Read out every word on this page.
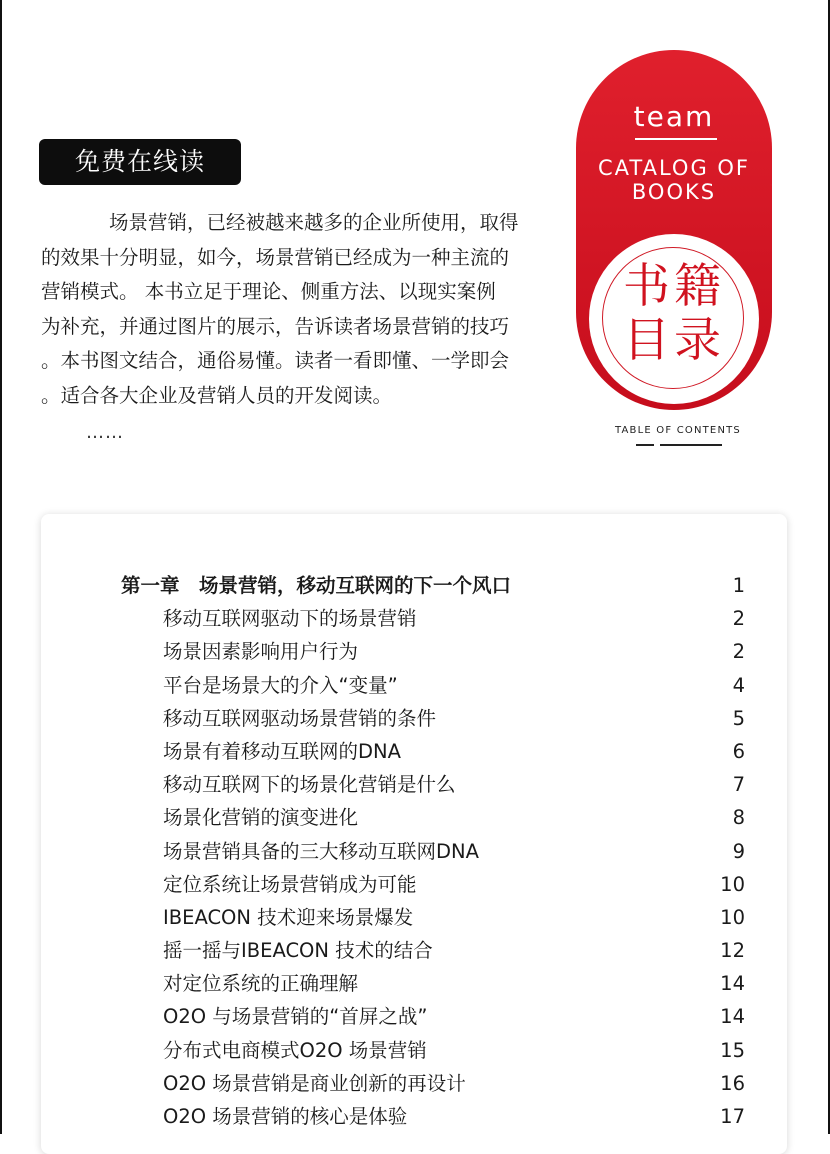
免费在线读

场景营销，已经被越来越多的企业所使用，取得
的效果十分明显，如今，场景营销已经成为一种主流的
营销模式。 本书立足于理论、侧重方法、以现实案例
为补充，并通过图片的展示，告诉读者场景营销的技巧
。本书图文结合，通俗易懂。读者一看即懂、一学即会
。适合各大企业及营销人员的开发阅读。

……
team
CATALOG OF
BOOKS
书籍
目录
TABLE OF CONTENTS
第一章　场景营销，移动互联网的下一个风口	1
移动互联网驱动下的场景营销	2
场景因素影响用户行为	2
平台是场景大的介入“变量”	4
移动互联网驱动场景营销的条件	5
场景有着移动互联网的DNA	6
移动互联网下的场景化营销是什么	7
场景化营销的演变进化	8
场景营销具备的三大移动互联网DNA	9
定位系统让场景营销成为可能	10
IBEACON 技术迎来场景爆发	10
摇一摇与IBEACON 技术的结合	12
对定位系统的正确理解	14
O2O 与场景营销的“首屏之战”	14
分布式电商模式O2O 场景营销	15
O2O 场景营销是商业创新的再设计	16
O2O 场景营销的核心是体验	17
